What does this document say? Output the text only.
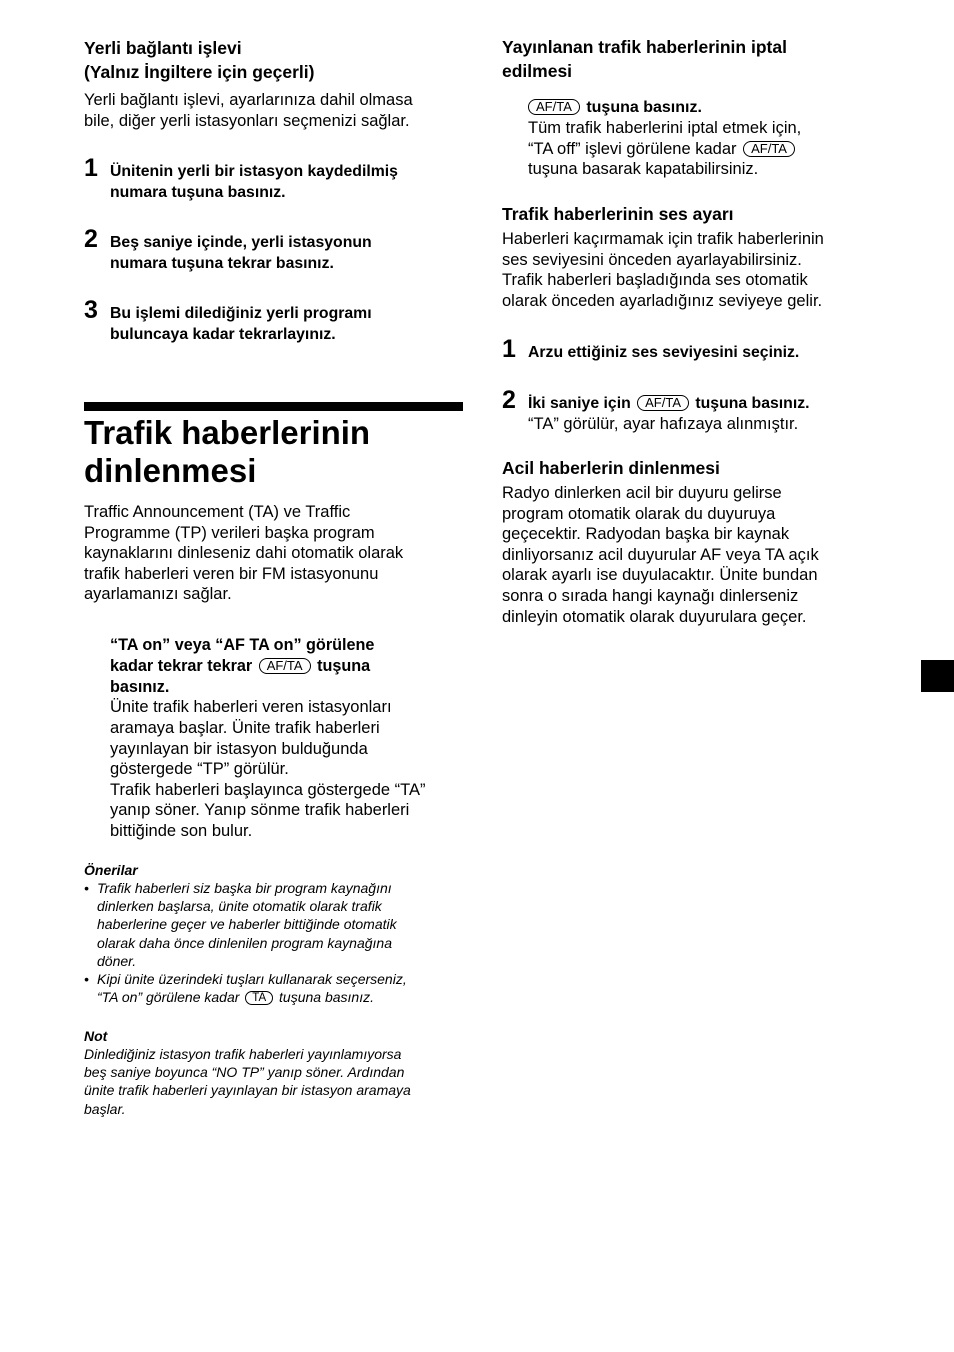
Yerli bağlantı işlevi
(Yalnız İngiltere için geçerli)
Yerli bağlantı işlevi, ayarlarınıza dahil olmasa
bile, diğer yerli istasyonları seçmenizi sağlar.
1 Ünitenin yerli bir istasyon kaydedilmiş
numara tuşuna basınız.
2 Beş saniye içinde, yerli istasyonun
numara tuşuna tekrar basınız.
3 Bu işlemi dilediğiniz yerli programı
buluncaya kadar tekrarlayınız.
Trafik haberlerinin
dinlenmesi
Traffic Announcement (TA) ve Traffic
Programme (TP) verileri başka program
kaynaklarını dinleseniz dahi otomatik olarak
trafik haberleri veren bir FM istasyonunu
ayarlamanızı sağlar.
“TA on” veya “AF TA on” görülene
kadar tekrar tekrar AF/TA tuşuna
basınız.
Ünite trafik haberleri veren istasyonları
aramaya başlar. Ünite trafik haberleri
yayınlayan bir istasyon bulduğunda
göstergede “TP” görülür.
Trafik haberleri başlayınca göstergede “TA”
yanıp söner. Yanıp sönme trafik haberleri
bittiğinde son bulur.
Önerilar
• Trafik haberleri siz başka bir program kaynağını
dinlerken başlarsa, ünite otomatik olarak trafik
haberlerine geçer ve haberler bittiğinde otomatik
olarak daha önce dinlenilen program kaynağına
döner.
• Kipi ünite üzerindeki tuşları kullanarak seçerseniz,
“TA on” görülene kadar TA tuşuna basınız.
Not
Dinlediğiniz istasyon trafik haberleri yayınlamıyorsa
beş saniye boyunca “NO TP” yanıp söner. Ardından
ünite trafik haberleri yayınlayan bir istasyon aramaya
başlar.
Yayınlanan trafik haberlerinin iptal
edilmesi
AF/TA tuşuna basınız.
Tüm trafik haberlerini iptal etmek için,
“TA off” işlevi görülene kadar AF/TA
tuşuna basarak kapatabilirsiniz.
Trafik haberlerinin ses ayarı
Haberleri kaçırmamak için trafik haberlerinin
ses seviyesini önceden ayarlayabilirsiniz.
Trafik haberleri başladığında ses otomatik
olarak önceden ayarladığınız seviyeye gelir.
1 Arzu ettiğiniz ses seviyesini seçiniz.
2 İki saniye için AF/TA tuşuna basınız.
“TA” görülür, ayar hafızaya alınmıştır.
Acil haberlerin dinlenmesi
Radyo dinlerken acil bir duyuru gelirse
program otomatik olarak du duyuruya
geçecektir. Radyodan başka bir kaynak
dinliyorsanız acil duyurular AF veya TA açık
olarak ayarlı ise duyulacaktır. Ünite bundan
sonra o sırada hangi kaynağı dinlerseniz
dinleyin otomatik olarak duyurulara geçer.
